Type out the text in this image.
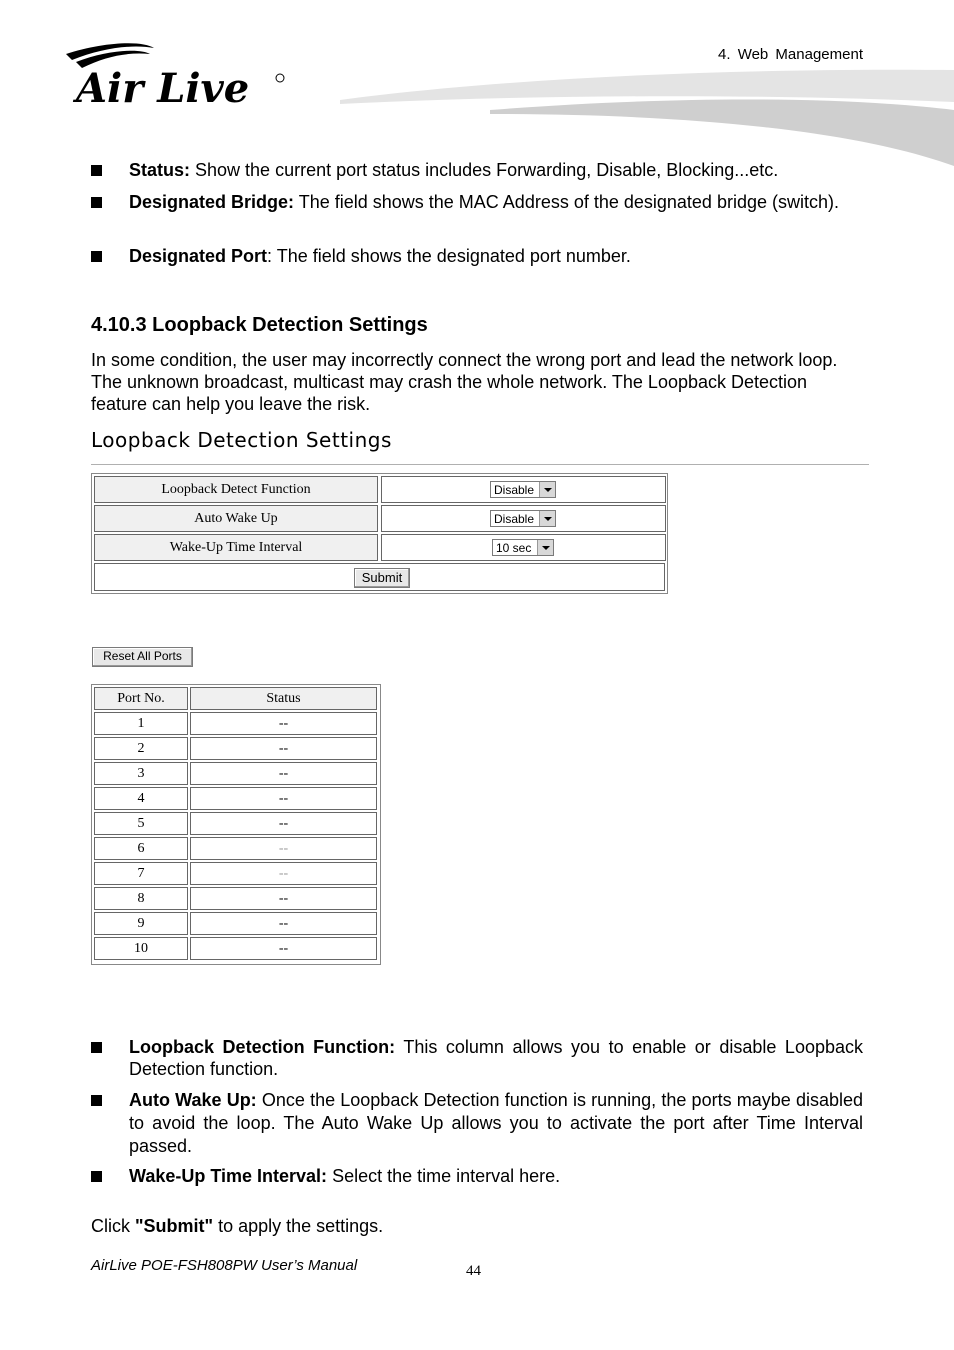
Air Live
4. Web Management
Status: Show the current port status includes Forwarding, Disable, Blocking...etc.
Designated Bridge: The field shows the MAC Address of the designated bridge (switch).
Designated Port: The field shows the designated port number.
4.10.3 Loopback Detection Settings
In some condition, the user may incorrectly connect the wrong port and lead the network loop. The unknown broadcast, multicast may crash the whole network. The Loopback Detection feature can help you leave the risk.
Loopback Detection Settings
Loopback Detect Function	Disable
Auto Wake Up	Disable
Wake-Up Time Interval	10 sec
Submit
Reset All Ports
Port No.	Status
1	--
2	--
3	--
4	--
5	--
6	--
7	--
8	--
9	--
10	--
Loopback Detection Function: This column allows you to enable or disable Loopback Detection function.
Auto Wake Up: Once the Loopback Detection function is running, the ports maybe disabled to avoid the loop. The Auto Wake Up allows you to activate the port after Time Interval passed.
Wake-Up Time Interval: Select the time interval here.
Click "Submit" to apply the settings.
AirLive POE-FSH808PW User’s Manual	44
